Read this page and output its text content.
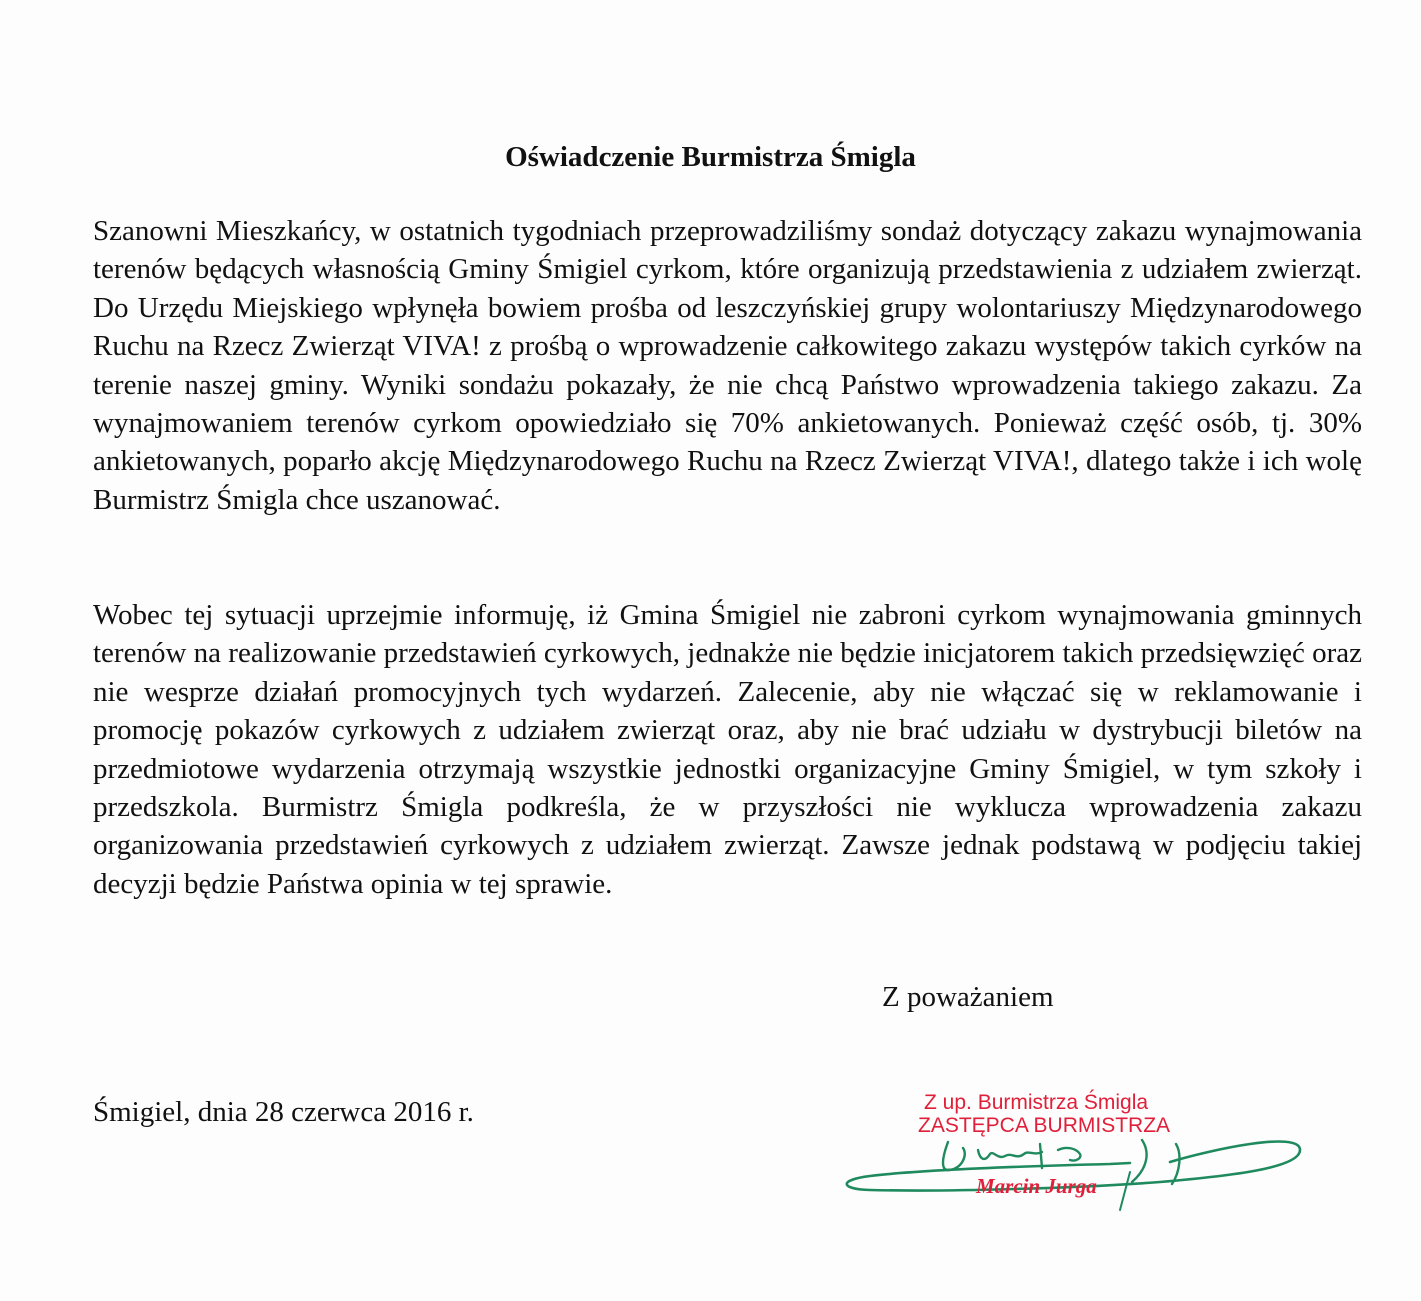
Oświadczenie Burmistrza Śmigla

Szanowni Mieszkańcy, w ostatnich tygodniach przeprowadziliśmy sondaż dotyczący zakazu wynajmowania terenów będących własnością Gminy Śmigiel cyrkom, które organizują przedstawienia z udziałem zwierząt. Do Urzędu Miejskiego wpłynęła bowiem prośba od leszczyńskiej grupy wolontariuszy Międzynarodowego Ruchu na Rzecz Zwierząt VIVA! z prośbą o wprowadzenie całkowitego zakazu występów takich cyrków na terenie naszej gminy. Wyniki sondażu pokazały, że nie chcą Państwo wprowadzenia takiego zakazu. Za wynajmowaniem terenów cyrkom opowiedziało się 70% ankietowanych. Ponieważ część osób, tj. 30% ankietowanych, poparło akcję Międzynarodowego Ruchu na Rzecz Zwierząt VIVA!, dlatego także i ich wolę Burmistrz Śmigla chce uszanować.

Wobec tej sytuacji uprzejmie informuję, iż Gmina Śmigiel nie zabroni cyrkom wynajmowania gminnych terenów na realizowanie przedstawień cyrkowych, jednakże nie będzie inicjatorem takich przedsięwzięć oraz nie wesprze działań promocyjnych tych wydarzeń. Zalecenie, aby nie włączać się w reklamowanie i promocję pokazów cyrkowych z udziałem zwierząt oraz, aby nie brać udziału w dystrybucji biletów na przedmiotowe wydarzenia otrzymają wszystkie jednostki organizacyjne Gminy Śmigiel, w tym szkoły i przedszkola. Burmistrz Śmigla podkreśla, że w przyszłości nie wyklucza wprowadzenia zakazu organizowania przedstawień cyrkowych z udziałem zwierząt. Zawsze jednak podstawą w podjęciu takiej decyzji będzie Państwa opinia w tej sprawie.

Z poważaniem
Śmigiel, dnia 28 czerwca 2016 r.	Z up. Burmistrza Śmigla
ZASTĘPCA BURMISTRZA
Marcin Jurga
